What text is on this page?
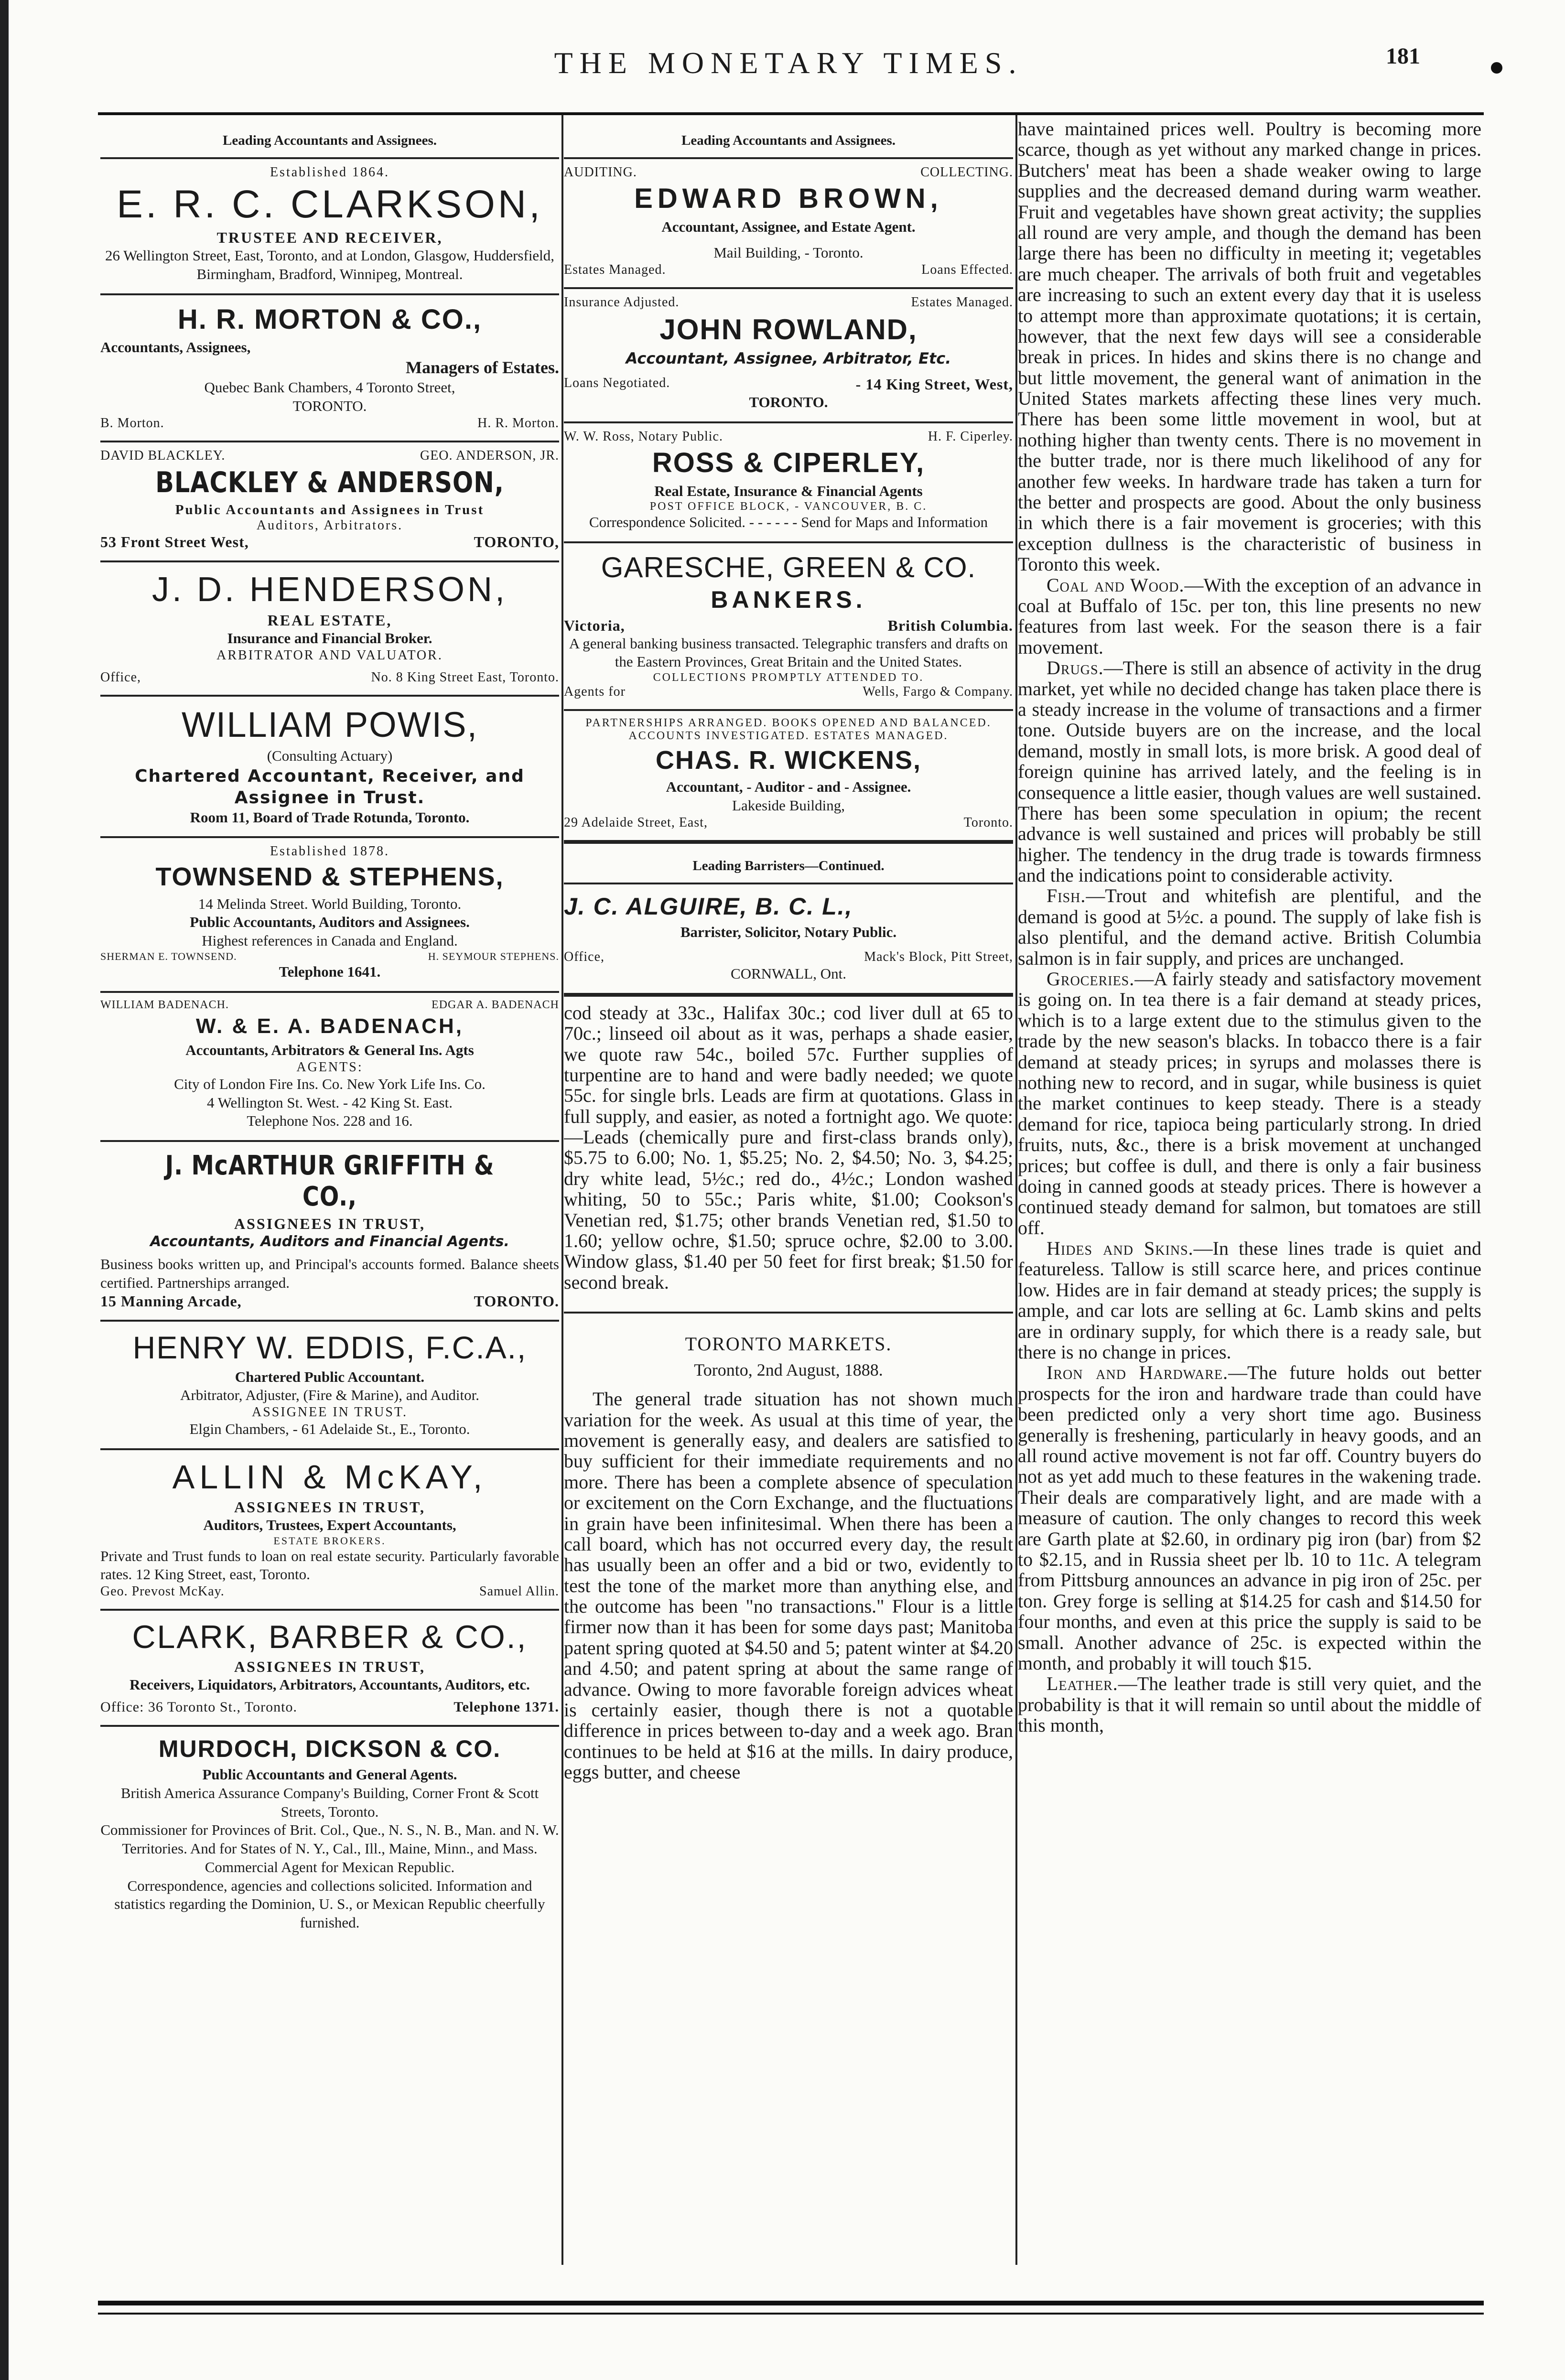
THE MONETARY TIMES.	181
Leading Accountants and Assignees.
Established 1864.
E. R. C. CLARKSON,
TRUSTEE AND RECEIVER,
26 Wellington Street, East, Toronto, and at London, Glasgow, Huddersfield, Birmingham, Bradford, Winnipeg, Montreal.
H. R. MORTON & CO.,
Accountants, Assignees,
Managers of Estates.
Quebec Bank Chambers, 4 Toronto Street,
TORONTO.
B. Morton.	H. R. Morton.
DAVID BLACKLEY.	GEO. ANDERSON, JR.
BLACKLEY & ANDERSON,
Public Accountants and Assignees in Trust
Auditors, Arbitrators.
53 Front Street West,	TORONTO,
J. D. HENDERSON,
REAL ESTATE,
Insurance and Financial Broker.
ARBITRATOR AND VALUATOR.
Office,	No. 8 King Street East, Toronto.
WILLIAM POWIS,
(Consulting Actuary)
Chartered Accountant, Receiver, and Assignee in Trust.
Room 11, Board of Trade Rotunda, Toronto.
Established 1878.
TOWNSEND & STEPHENS,
14 Melinda Street. World Building, Toronto.
Public Accountants, Auditors and Assignees.
Highest references in Canada and England.
SHERMAN E. TOWNSEND.	H. SEYMOUR STEPHENS.
Telephone 1641.
WILLIAM BADENACH.	EDGAR A. BADENACH
W. & E. A. BADENACH,
Accountants, Arbitrators & General Ins. Agts
AGENTS:
City of London Fire Ins. Co. New York Life Ins. Co.
4 Wellington St. West. - 42 King St. East.
Telephone Nos. 228 and 16.
J. McARTHUR GRIFFITH & CO.,
ASSIGNEES IN TRUST,
Accountants, Auditors and Financial Agents.
Business books written up, and Principal's accounts formed. Balance sheets certified. Partnerships arranged.
15 Manning Arcade,	TORONTO.
HENRY W. EDDIS, F.C.A.,
Chartered Public Accountant.
Arbitrator, Adjuster, (Fire & Marine), and Auditor.
ASSIGNEE IN TRUST.
Elgin Chambers, - 61 Adelaide St., E., Toronto.
ALLIN & McKAY,
ASSIGNEES IN TRUST,
Auditors, Trustees, Expert Accountants,
ESTATE BROKERS.
Private and Trust funds to loan on real estate security. Particularly favorable rates. 12 King Street, east, Toronto.
Geo. Prevost McKay.	Samuel Allin.
CLARK, BARBER & CO.,
ASSIGNEES IN TRUST,
Receivers, Liquidators, Arbitrators, Accountants, Auditors, etc.
Office: 36 Toronto St., Toronto.	Telephone 1371.
MURDOCH, DICKSON & CO.
Public Accountants and General Agents.
British America Assurance Company's Building, Corner Front & Scott Streets, Toronto.
Commissioner for Provinces of Brit. Col., Que., N. S., N. B., Man. and N. W. Territories. And for States of N. Y., Cal., Ill., Maine, Minn., and Mass. Commercial Agent for Mexican Republic.
Correspondence, agencies and collections solicited. Information and statistics regarding the Dominion, U. S., or Mexican Republic cheerfully furnished.
Leading Accountants and Assignees.
AUDITING.	COLLECTING.
EDWARD BROWN,
Accountant, Assignee, and Estate Agent.
Mail Building, - Toronto.
Estates Managed.	Loans Effected.
Insurance Adjusted.	Estates Managed.
JOHN ROWLAND,
Accountant, Assignee, Arbitrator, Etc.
Loans Negotiated.	- 14 King Street, West,
TORONTO.
W. W. Ross, Notary Public.	H. F. Ciperley.
ROSS & CIPERLEY,
Real Estate, Insurance & Financial Agents
POST OFFICE BLOCK, - VANCOUVER, B. C.
Correspondence Solicited. - - - - - - Send for Maps and Information
GARESCHE, GREEN & CO.
BANKERS.
Victoria,	British Columbia.
A general banking business transacted. Telegraphic transfers and drafts on the Eastern Provinces, Great Britain and the United States.
COLLECTIONS PROMPTLY ATTENDED TO.
Agents for	Wells, Fargo & Company.
PARTNERSHIPS ARRANGED. BOOKS OPENED AND BALANCED. ACCOUNTS INVESTIGATED. ESTATES MANAGED.
CHAS. R. WICKENS,
Accountant, - Auditor - and - Assignee.
Lakeside Building,
29 Adelaide Street, East,	Toronto.
Leading Barristers—Continued.
J. C. ALGUIRE, B. C. L.,
Barrister, Solicitor, Notary Public.
Office,	Mack's Block, Pitt Street,
CORNWALL, Ont.

cod steady at 33c., Halifax 30c.; cod liver dull at 65 to 70c.; linseed oil about as it was, perhaps a shade easier, we quote raw 54c., boiled 57c. Further supplies of turpentine are to hand and were badly needed; we quote 55c. for single brls. Leads are firm at quotations. Glass in full supply, and easier, as noted a fortnight ago. We quote:—Leads (chemically pure and first-class brands only), $5.75 to 6.00; No. 1, $5.25; No. 2, $4.50; No. 3, $4.25; dry white lead, 5½c.; red do., 4½c.; London washed whiting, 50 to 55c.; Paris white, $1.00; Cookson's Venetian red, $1.75; other brands Venetian red, $1.50 to 1.60; yellow ochre, $1.50; spruce ochre, $2.00 to 3.00. Window glass, $1.40 per 50 feet for first break; $1.50 for second break.

TORONTO MARKETS.
Toronto, 2nd August, 1888.

The general trade situation has not shown much variation for the week. As usual at this time of year, the movement is generally easy, and dealers are satisfied to buy sufficient for their immediate requirements and no more. There has been a complete absence of speculation or excitement on the Corn Exchange, and the fluctuations in grain have been infinitesimal. When there has been a call board, which has not occurred every day, the result has usually been an offer and a bid or two, evidently to test the tone of the market more than anything else, and the outcome has been "no transactions." Flour is a little firmer now than it has been for some days past; Manitoba patent spring quoted at $4.50 and 5; patent winter at $4.20 and 4.50; and patent spring at about the same range of advance. Owing to more favorable foreign advices wheat is certainly easier, though there is not a quotable difference in prices between to-day and a week ago. Bran continues to be held at $16 at the mills. In dairy produce, eggs butter, and cheese

have maintained prices well. Poultry is becoming more scarce, though as yet without any marked change in prices. Butchers' meat has been a shade weaker owing to large supplies and the decreased demand during warm weather. Fruit and vegetables have shown great activity; the supplies all round are very ample, and though the demand has been large there has been no difficulty in meeting it; vegetables are much cheaper. The arrivals of both fruit and vegetables are increasing to such an extent every day that it is useless to attempt more than approximate quotations; it is certain, however, that the next few days will see a considerable break in prices. In hides and skins there is no change and but little movement, the general want of animation in the United States markets affecting these lines very much. There has been some little movement in wool, but at nothing higher than twenty cents. There is no movement in the butter trade, nor is there much likelihood of any for another few weeks. In hardware trade has taken a turn for the better and prospects are good. About the only business in which there is a fair movement is groceries; with this exception dullness is the characteristic of business in Toronto this week.

Coal and Wood.—With the exception of an advance in coal at Buffalo of 15c. per ton, this line presents no new features from last week. For the season there is a fair movement.

Drugs.—There is still an absence of activity in the drug market, yet while no decided change has taken place there is a steady increase in the volume of transactions and a firmer tone. Outside buyers are on the increase, and the local demand, mostly in small lots, is more brisk. A good deal of foreign quinine has arrived lately, and the feeling is in consequence a little easier, though values are well sustained. There has been some speculation in opium; the recent advance is well sustained and prices will probably be still higher. The tendency in the drug trade is towards firmness and the indications point to considerable activity.

Fish.—Trout and whitefish are plentiful, and the demand is good at 5½c. a pound. The supply of lake fish is also plentiful, and the demand active. British Columbia salmon is in fair supply, and prices are unchanged.

Groceries.—A fairly steady and satisfactory movement is going on. In tea there is a fair demand at steady prices, which is to a large extent due to the stimulus given to the trade by the new season's blacks. In tobacco there is a fair demand at steady prices; in syrups and molasses there is nothing new to record, and in sugar, while business is quiet the market continues to keep steady. There is a steady demand for rice, tapioca being particularly strong. In dried fruits, nuts, &c., there is a brisk movement at unchanged prices; but coffee is dull, and there is only a fair business doing in canned goods at steady prices. There is however a continued steady demand for salmon, but tomatoes are still off.

Hides and Skins.—In these lines trade is quiet and featureless. Tallow is still scarce here, and prices continue low. Hides are in fair demand at steady prices; the supply is ample, and car lots are selling at 6c. Lamb skins and pelts are in ordinary supply, for which there is a ready sale, but there is no change in prices.

Iron and Hardware.—The future holds out better prospects for the iron and hardware trade than could have been predicted only a very short time ago. Business generally is freshening, particularly in heavy goods, and an all round active movement is not far off. Country buyers do not as yet add much to these features in the wakening trade. Their deals are comparatively light, and are made with a measure of caution. The only changes to record this week are Garth plate at $2.60, in ordinary pig iron (bar) from $2 to $2.15, and in Russia sheet per lb. 10 to 11c. A telegram from Pittsburg announces an advance in pig iron of 25c. per ton. Grey forge is selling at $14.25 for cash and $14.50 for four months, and even at this price the supply is said to be small. Another advance of 25c. is expected within the month, and probably it will touch $15.

Leather.—The leather trade is still very quiet, and the probability is that it will remain so until about the middle of this month,
